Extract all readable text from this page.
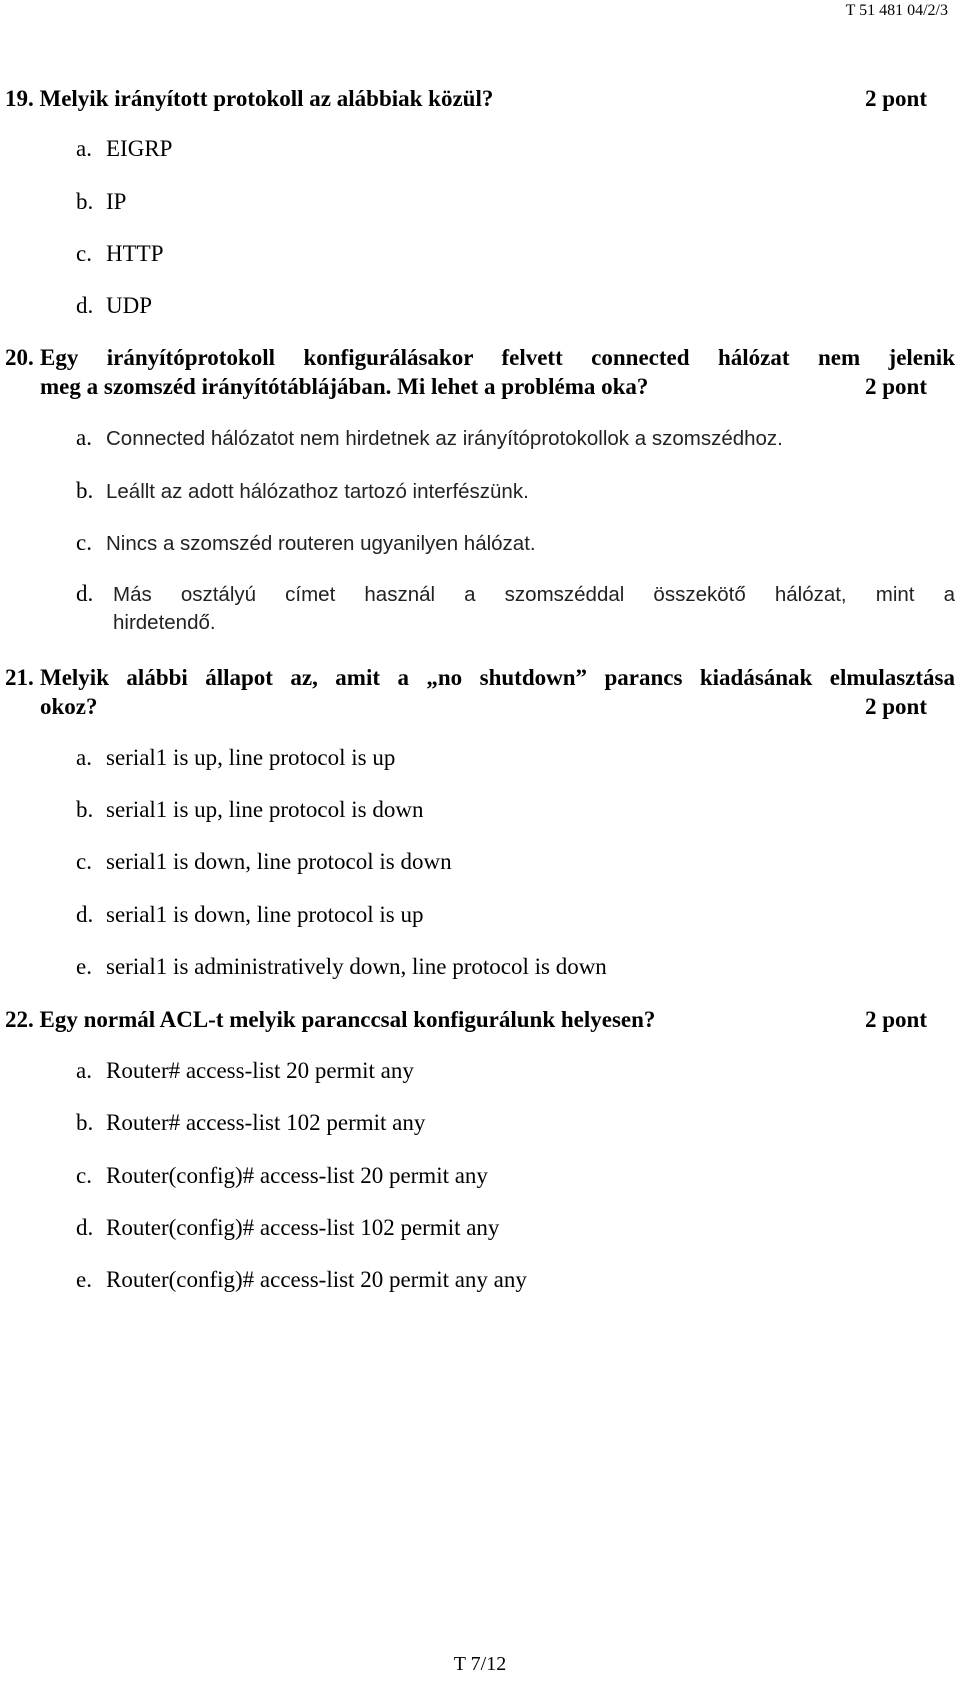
T 51 481 04/2/3
19. Melyik irányított protokoll az alábbiak közül?	2 pont
a. EIGRP
b. IP
c. HTTP
d. UDP
20. Egy irányítóprotokoll konfigurálásakor felvett connected hálózat nem jelenik
meg a szomszéd irányítótáblájában. Mi lehet a probléma oka?	2 pont
a. Connected hálózatot nem hirdetnek az irányítóprotokollok a szomszédhoz.
b. Leállt az adott hálózathoz tartozó interfészünk.
c. Nincs a szomszéd routeren ugyanilyen hálózat.
d. Más osztályú címet használ a szomszéddal összekötő hálózat, mint a
hirdetendő.
21. Melyik alábbi állapot az, amit a „no shutdown” parancs kiadásának elmulasztása
okoz?	2 pont
a. serial1 is up, line protocol is up
b. serial1 is up, line protocol is down
c. serial1 is down, line protocol is down
d. serial1 is down, line protocol is up
e. serial1 is administratively down, line protocol is down
22. Egy normál ACL-t melyik paranccsal konfigurálunk helyesen?	2 pont
a. Router# access-list 20 permit any
b. Router# access-list 102 permit any
c. Router(config)# access-list 20 permit any
d. Router(config)# access-list 102 permit any
e. Router(config)# access-list 20 permit any any
T 7/12
